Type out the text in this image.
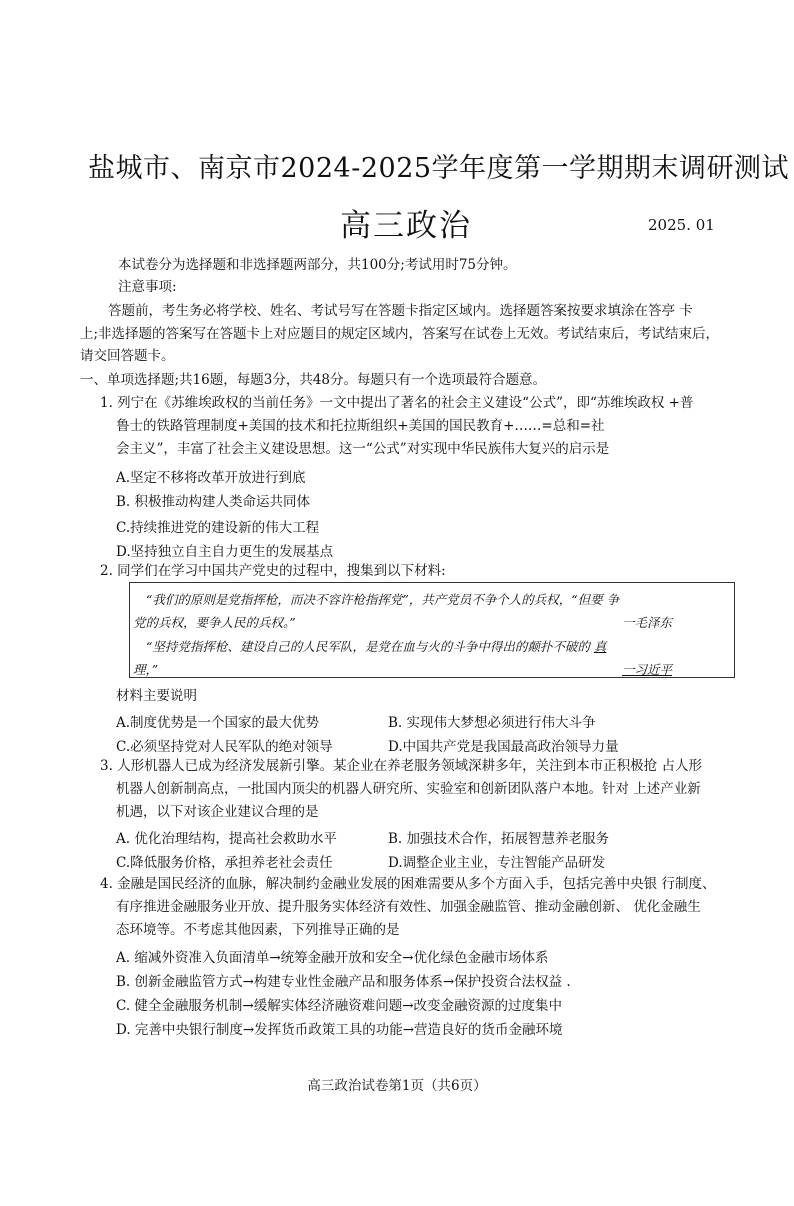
盐城市、南京市2024-2025学年度第一学期期末调研测试
高三政治	2025. 01
本试卷分为选择题和非选择题两部分，共100分;考试用时75分钟。
注意事项:
答题前，考生务必将学校、姓名、考试号写在答题卡指定区域内。选择题答案按要求填涂在答亭 卡
上;非选择题的答案写在答题卡上对应题目的规定区域内，答案写在试卷上无效。考试结束后，考试结束后，
请交回答题卡。
一、单项选择题;共16题，每题3分，共48分。每题只有一个选项最符合题意。
1. 列宁在《苏维埃政权的当前任务》一文中提出了著名的社会主义建设“公式”，即“苏维埃政权 +普
鲁士的铁路管理制度+美国的技术和托拉斯组织+美国的国民教育+……=总和=社
会主义”，丰富了社会主义建设思想。这一“公式”对实现中华民族伟大复兴的启示是
A.坚定不移将改革开放进行到底
B. 积极推动构建人类命运共同体
C.持续推进党的建设新的伟大工程
D.坚持独立自主自力更生的发展基点
2. 同学们在学习中国共产党史的过程中，搜集到以下材料:
“我们的原则是党指挥枪，而决不容许枪指挥党”，共产党员不争个人的兵权，“但要 争
党的兵权，要争人民的兵权。”	一毛泽东
“坚持党指挥枪、建设自己的人民军队，是党在血与火的斗争中得出的颠扑不破的 真
理，”	一习近平
材料主要说明
A.制度优势是一个国家的最大优势	B. 实现伟大梦想必须进行伟大斗争
C.必须坚持党对人民军队的绝对领导	D.中国共产党是我国最高政治领导力量
3. 人形机器人已成为经济发展新引擎。某企业在养老服务领域深耕多年，关注到本市正积极抢 占人形
机器人创新制高点，一批国内顶尖的机器人研究所、实验室和创新团队落户本地。针对 上述产业新
机遇，以下对该企业建议合理的是
A. 优化治理结构，提高社会救助水平	B. 加强技术合作，拓展智慧养老服务
C.降低服务价格，承担养老社会责任	D.调整企业主业，专注智能产品研发
4. 金融是国民经济的血脉，解决制约金融业发展的困难需要从多个方面入手，包括完善中央银 行制度、
有序推进金融服务业开放、提升服务实体经济有效性、加强金融监管、推动金融创新、 优化金融生
态环境等。不考虑其他因素，下列推导正确的是
A. 缩减外资准入负面清单→统筹金融开放和安全→优化绿色金融市场体系
B. 创新金融监管方式→构建专业性金融产品和服务体系→保护投资合法权益 .
C. 健全金融服务机制→缓解实体经济融资难问题→改变金融资源的过度集中
D. 完善中央银行制度→发挥货币政策工具的功能→营造良好的货币金融环境
高三政治试卷第1页（共6页）
